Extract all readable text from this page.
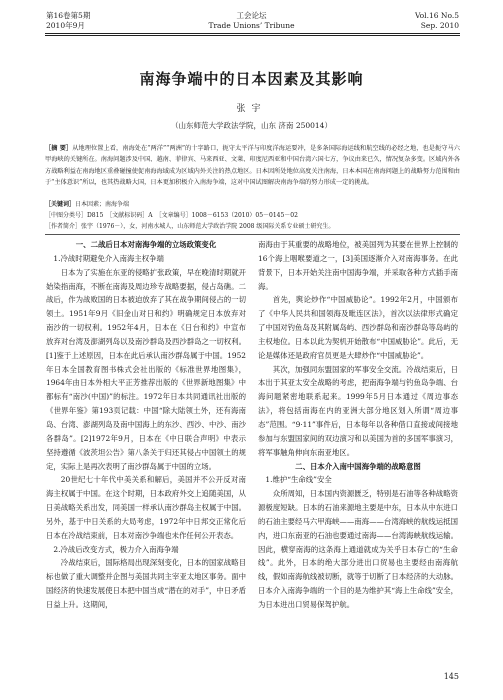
第16卷第5期
2010年9月
工会论坛
Trade Unions’ Tribune
Vol.16 No.5
Sep. 2010
南海争端中的日本因素及其影响
张宇
（山东师范大学政法学院，山东 济南 250014）
［摘 要］从地理位置上看，南海处在“两洋”“两洲”的十字路口，扼守太平洋与印度洋海运要冲，是多条国际海运线和航空线的必经之地，也是扼守马六甲海峡的关键所在。南海问题涉及中国、越南、菲律宾、马来西亚、文莱、印度尼西亚和中国台湾六国七方，争议由来已久，情况复杂多变。区域内外各方战略利益在南海地区重叠碰撞使促南海海域成为区域内外关注的热点地区。日本因所处地位高度关注南海，日本本国在南海问题上的战略努力范围和由于“主体意识”所以，也其热战略大国，日本更加积极介入南海争端，这对中国试图解决南海争端的努力形成一定的挑战。
［关键词］日本因素；南海争端
［中图分类号］D815　［文献标识码］A　［文章编号］1008－6153（2010）05－0145－02
［作者简介］张宇（1976－），女，河南水城人，山东师范大学政治学院 2008 级国际关系专业硕士研究生。

一、二战后日本对南海争端的立场政策变化

1.冷战时期避免介入南海主权争端

日本为了实施在东亚的侵略扩张政策，早在晚清时期就开始染指南海，不断在南海及周边珍专战略要据，侵占岛礁。二战后，作为战败国的日本被迫放弃了其在战争期间侵占的一切领土。1951年9月《旧金山对日和约》明确规定日本放弃对南沙的一切权利。1952年4月，日本在《日台和约》中宣布放弃对台湾及澎湖列岛以及南沙群岛及西沙群岛之一切权利。[1]鉴于上述原因，日本在此后承认南沙群岛属于中国。1952年日本全国教育图书株式会社出版的《标准世界地图集》，1964年由日本外相大平正芳推荐出版的《世界新地图集》中都标有“南沙(中国)”的标注。1972年日本共同通讯社出版的《世界年鉴》第193页记载：中国“除大陆领土外，还有海南岛、台湾、澎湖列岛及南中国海上的东沙、西沙、中沙、南沙各群岛”。[2]1972年9月，日本在《中日联合声明》中表示坚持遵循《波茨坦公告》第八条关于归还其侵占中国领土的规定，实际上是再次表明了南沙群岛属于中国的立场。

20世纪七十年代中美关系和解后，美国并不公开反对南海主权属于中国。在这个时期，日本政府外交上追随美国，从日美战略关系出发，同美国一样承认南沙群岛主权属于中国。另外，基于中日关系的大局考虑，1972年中日邦交正常化后日本在冷战结束前，日本对南沙争端也未作任何公开表态。

2.冷战后改变方式，极力介入南海争端

冷战结束后，国际格局出现深刻变化，日本的国家战略目标也做了重大调整并企图与美国共同主宰亚太地区事务。面中国经济的快速发展使日本把中国当成“潜在的对手”，中日矛盾日益上升。这期间，

南海由于其重要的战略地位，被美国列为其要在世界上控制的16个海上咽喉要道之一，[3]美国逐渐介入对南海事务。在此背景下，日本开始关注南中国海争端，并采取各种方式插手南海。

首先，舆论炒作“中国威胁论”。1992年2月，中国颁布了《中华人民共和国领海及毗连区法》，首次以法律形式确定了中国对钓鱼岛及其附属岛屿、西沙群岛和南沙群岛等岛屿的主权地位。日本以此为契机开始散布“中国威胁论”。此后，无论是媒体还是政府官员更是大肆炒作“中国威胁论”。

其次，加强同东盟国家的军事安全交流。冷战结束后，日本出于其亚太安全战略的考虑，把南海争端与钓鱼岛争端、台海问题紧密地联系起来。1999年5月日本通过《周边事态法》，将包括南海在内的亚洲大部分地区划入所谓“周边事态”范围。“9·11”事件后，日本每年以各种借口直接或间接地参加与东盟国家间的双边演习和以美国为首的多国军事演习，将军事触角伸向东南亚地区。

二、日本介入南中国海争端的战略意图

1.维护“生命线”安全

众所周知，日本国内资源匮乏，特别是石油等各种战略资源极度短缺。日本的石油来源地主要是中东，日本从中东进口的石油主要经马六甲海峡——南海——台湾海峡的航线运抵国内，进口东南亚的石油也要通过南海——台湾海峡航线运输。因此，横穿南海的这条海上通道就成为关乎日本存亡的“生命线”。此外，日本的绝大部分进出口贸易也主要经由南海航线，假如南海航线被切断，就等于切断了日本经济的大动脉。日本介入南海争端的一个目的是为维护其“海上生命线”安全，为日本进出口贸易保驾护航。

145
